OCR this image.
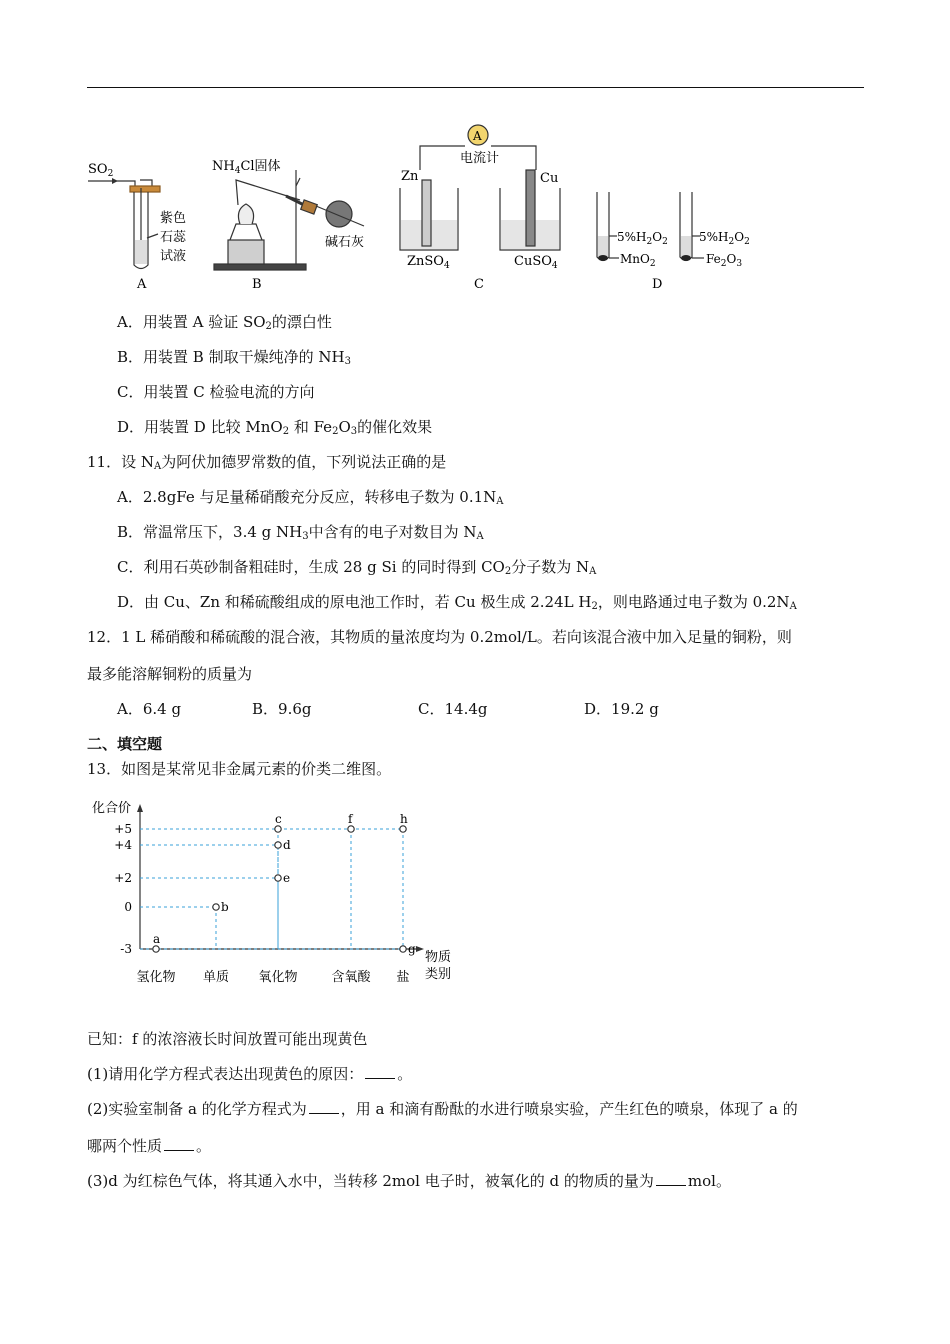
$SO_2$
紫色
石蕊
试液
$NH_4Cl$固体
碱石灰
A
电流计
Zn	Cu
ZnSO$_4$	CuSO$_4$
$5\%H_2O_2$
MnO$_2$
$5\%H_2O_2$
$Fe_2O_3$
A	B	C	D
A．用装置 A 验证 $SO_2$的漂白性
B．用装置 B 制取干燥纯净的 $NH_3$
C．用装置 C 检验电流的方向
D．用装置 D 比较 MnO$_2$ 和 $Fe_2O_3$的催化效果
11．设 $N_A$为阿伏加德罗常数的值，下列说法正确的是
A．2.8gFe 与足量稀硝酸充分反应，转移电子数为 $0.1N_A$
B．常温常压下，3.4 g $NH_3$中含有的电子对数目为 $N_A$
C．利用石英砂制备粗硅时，生成 28 g Si 的同时得到 $CO_2$分子数为 $N_A$
D．由 Cu、Zn 和稀硫酸组成的原电池工作时，若 Cu 极生成 2.24L $H_2$，则电路通过电子数为 $0.2N_A$
12．1 L 稀硝酸和稀硫酸的混合液，其物质的量浓度均为 0.2mol/L。若向该混合液中加入足量的铜粉，则
最多能溶解铜粉的质量为
A．6.4 g	B．9.6g	C．14.4g	D．19.2 g
二、填空题
13．如图是某常见非金属元素的价类二维图。
化合价
物质
类别
+5
+4
+2
0
-3
氢化物 单质 氧化物	含氧酸 盐
a
b
c
d
e
f	h
g
已知：f 的浓溶液长时间放置可能出现黄色
(1)请用化学方程式表达出现黄色的原因： 。
(2)实验室制备 a 的化学方程式为 ，用 a 和滴有酚酞的水进行喷泉实验，产生红色的喷泉，体现了 a 的
哪两个性质 。
(3)d 为红棕色气体，将其通入水中，当转移 2mol 电子时，被氧化的 d 的物质的量为 mol。
